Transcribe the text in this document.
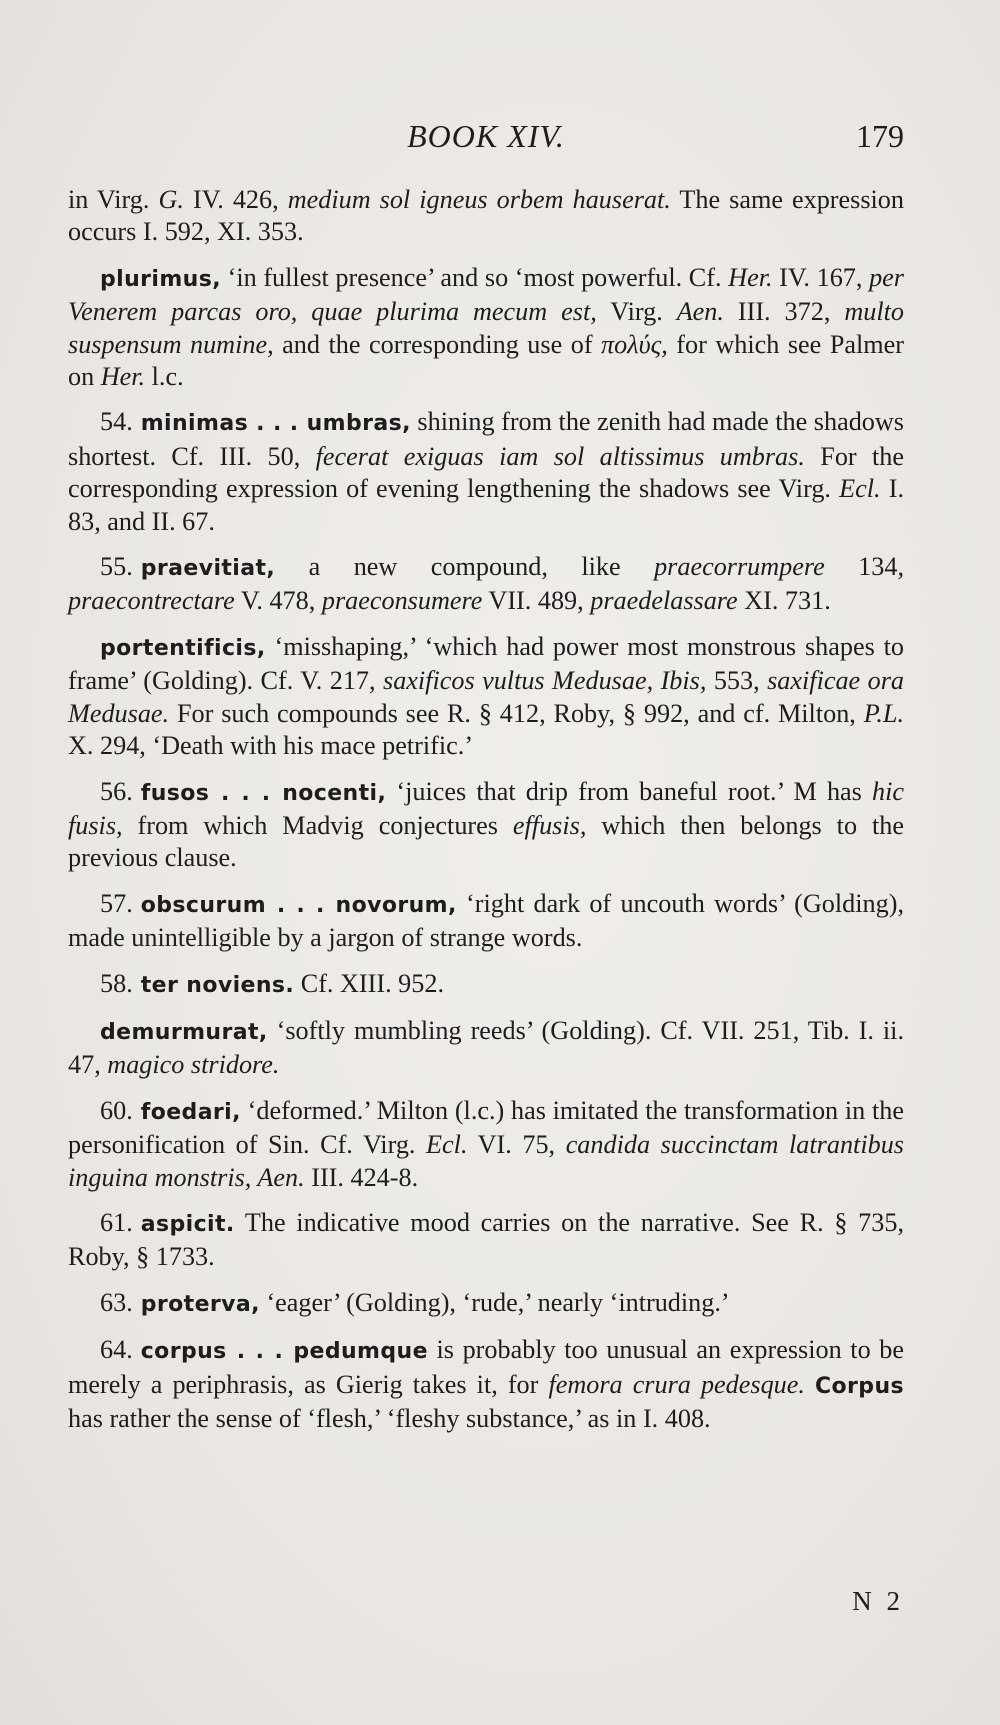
BOOK XIV.	179

in Virg. G. IV. 426, medium sol igneus orbem hauserat. The same expression occurs I. 592, XI. 353.

plurimus, ‘in fullest presence’ and so ‘most powerful. Cf. Her. IV. 167, per Venerem parcas oro, quae plurima mecum est, Virg. Aen. III. 372, multo suspensum numine, and the corresponding use of πολύς, for which see Palmer on Her. l.c.

54. minimas . . . umbras, shining from the zenith had made the shadows shortest. Cf. III. 50, fecerat exiguas iam sol altissimus umbras. For the corresponding expression of evening lengthening the shadows see Virg. Ecl. I. 83, and II. 67.

55. praevitiat, a new compound, like praecorrumpere 134, praecontrectare V. 478, praeconsumere VII. 489, praedelassare XI. 731.

portentificis, ‘misshaping,’ ‘which had power most monstrous shapes to frame’ (Golding). Cf. V. 217, saxificos vultus Medusae, Ibis, 553, saxificae ora Medusae. For such compounds see R. § 412, Roby, § 992, and cf. Milton, P.L. X. 294, ‘Death with his mace petrific.’

56. fusos . . . nocenti, ‘juices that drip from baneful root.’ M has hic fusis, from which Madvig conjectures effusis, which then belongs to the previous clause.

57. obscurum . . . novorum, ‘right dark of uncouth words’ (Golding), made unintelligible by a jargon of strange words.

58. ter noviens. Cf. XIII. 952.

demurmurat, ‘softly mumbling reeds’ (Golding). Cf. VII. 251, Tib. I. ii. 47, magico stridore.

60. foedari, ‘deformed.’ Milton (l.c.) has imitated the transformation in the personification of Sin. Cf. Virg. Ecl. VI. 75, candida succinctam latrantibus inguina monstris, Aen. III. 424-8.

61. aspicit. The indicative mood carries on the narrative. See R. § 735, Roby, § 1733.

63. proterva, ‘eager’ (Golding), ‘rude,’ nearly ‘intruding.’

64. corpus . . . pedumque is probably too unusual an expression to be merely a periphrasis, as Gierig takes it, for femora crura pedesque. Corpus has rather the sense of ‘flesh,’ ‘fleshy substance,’ as in I. 408.

N 2
